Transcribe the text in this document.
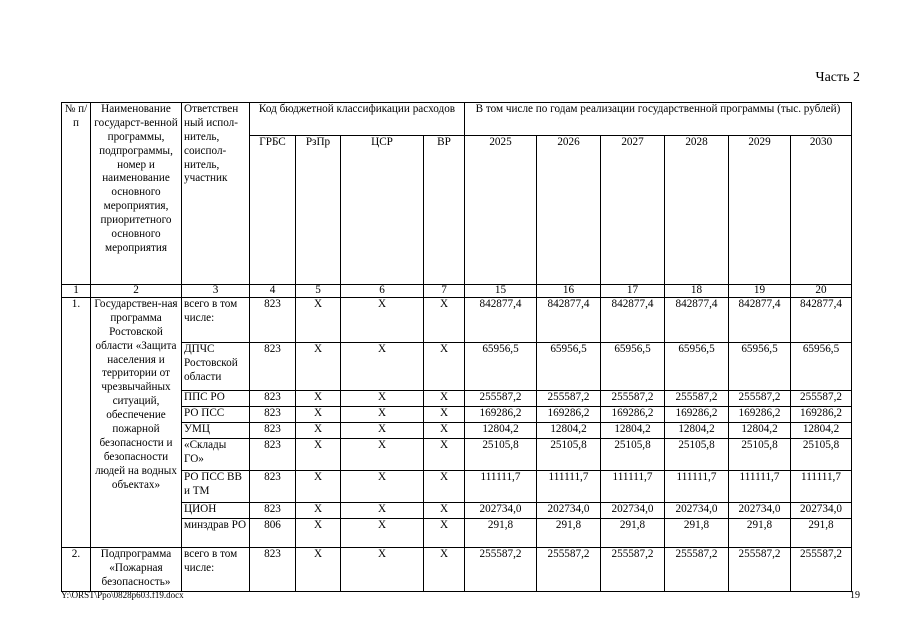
Часть 2
№ п/п	Наименование государст-венной программы, подпрограммы, номер и наименование основного мероприятия, приоритетного основного мероприятия	Ответствен ный испол-нитель, соиспол-нитель, участник	Код бюджетной классификации расходов				В том числе по годам реализации государственной программы (тыс. рублей)					
			ГРБС	РзПр	ЦСР	ВР	2025	2026	2027	2028	2029	2030
1	2	3	4	5	6	7	15	16	17	18	19	20
1.	Государствен-ная программа Ростовской области «Защита населения и территории от чрезвычайных ситуаций, обеспечение пожарной безопасности и безопасности людей на водных объектах»	всего в том числе:	823	Х	Х	Х	842877,4	842877,4	842877,4	842877,4	842877,4	842877,4
		ДПЧС Ростовской области	823	Х	Х	Х	65956,5	65956,5	65956,5	65956,5	65956,5	65956,5
		ППС РО	823	Х	Х	Х	255587,2	255587,2	255587,2	255587,2	255587,2	255587,2
		РО ПСС	823	Х	Х	Х	169286,2	169286,2	169286,2	169286,2	169286,2	169286,2
		УМЦ	823	Х	Х	Х	12804,2	12804,2	12804,2	12804,2	12804,2	12804,2
		«Склады ГО»	823	Х	Х	Х	25105,8	25105,8	25105,8	25105,8	25105,8	25105,8
		РО ПСС ВВ и ТМ	823	Х	Х	Х	111111,7	111111,7	111111,7	111111,7	111111,7	111111,7
		ЦИОН	823	Х	Х	Х	202734,0	202734,0	202734,0	202734,0	202734,0	202734,0
		минздрав РО	806	Х	Х	Х	291,8	291,8	291,8	291,8	291,8	291,8
2.	Подпрограмма «Пожарная безопасность»	всего в том числе:	823	Х	Х	Х	255587,2	255587,2	255587,2	255587,2	255587,2	255587,2
Y:\ORST\Ppo\0828p603.f19.docx	19
